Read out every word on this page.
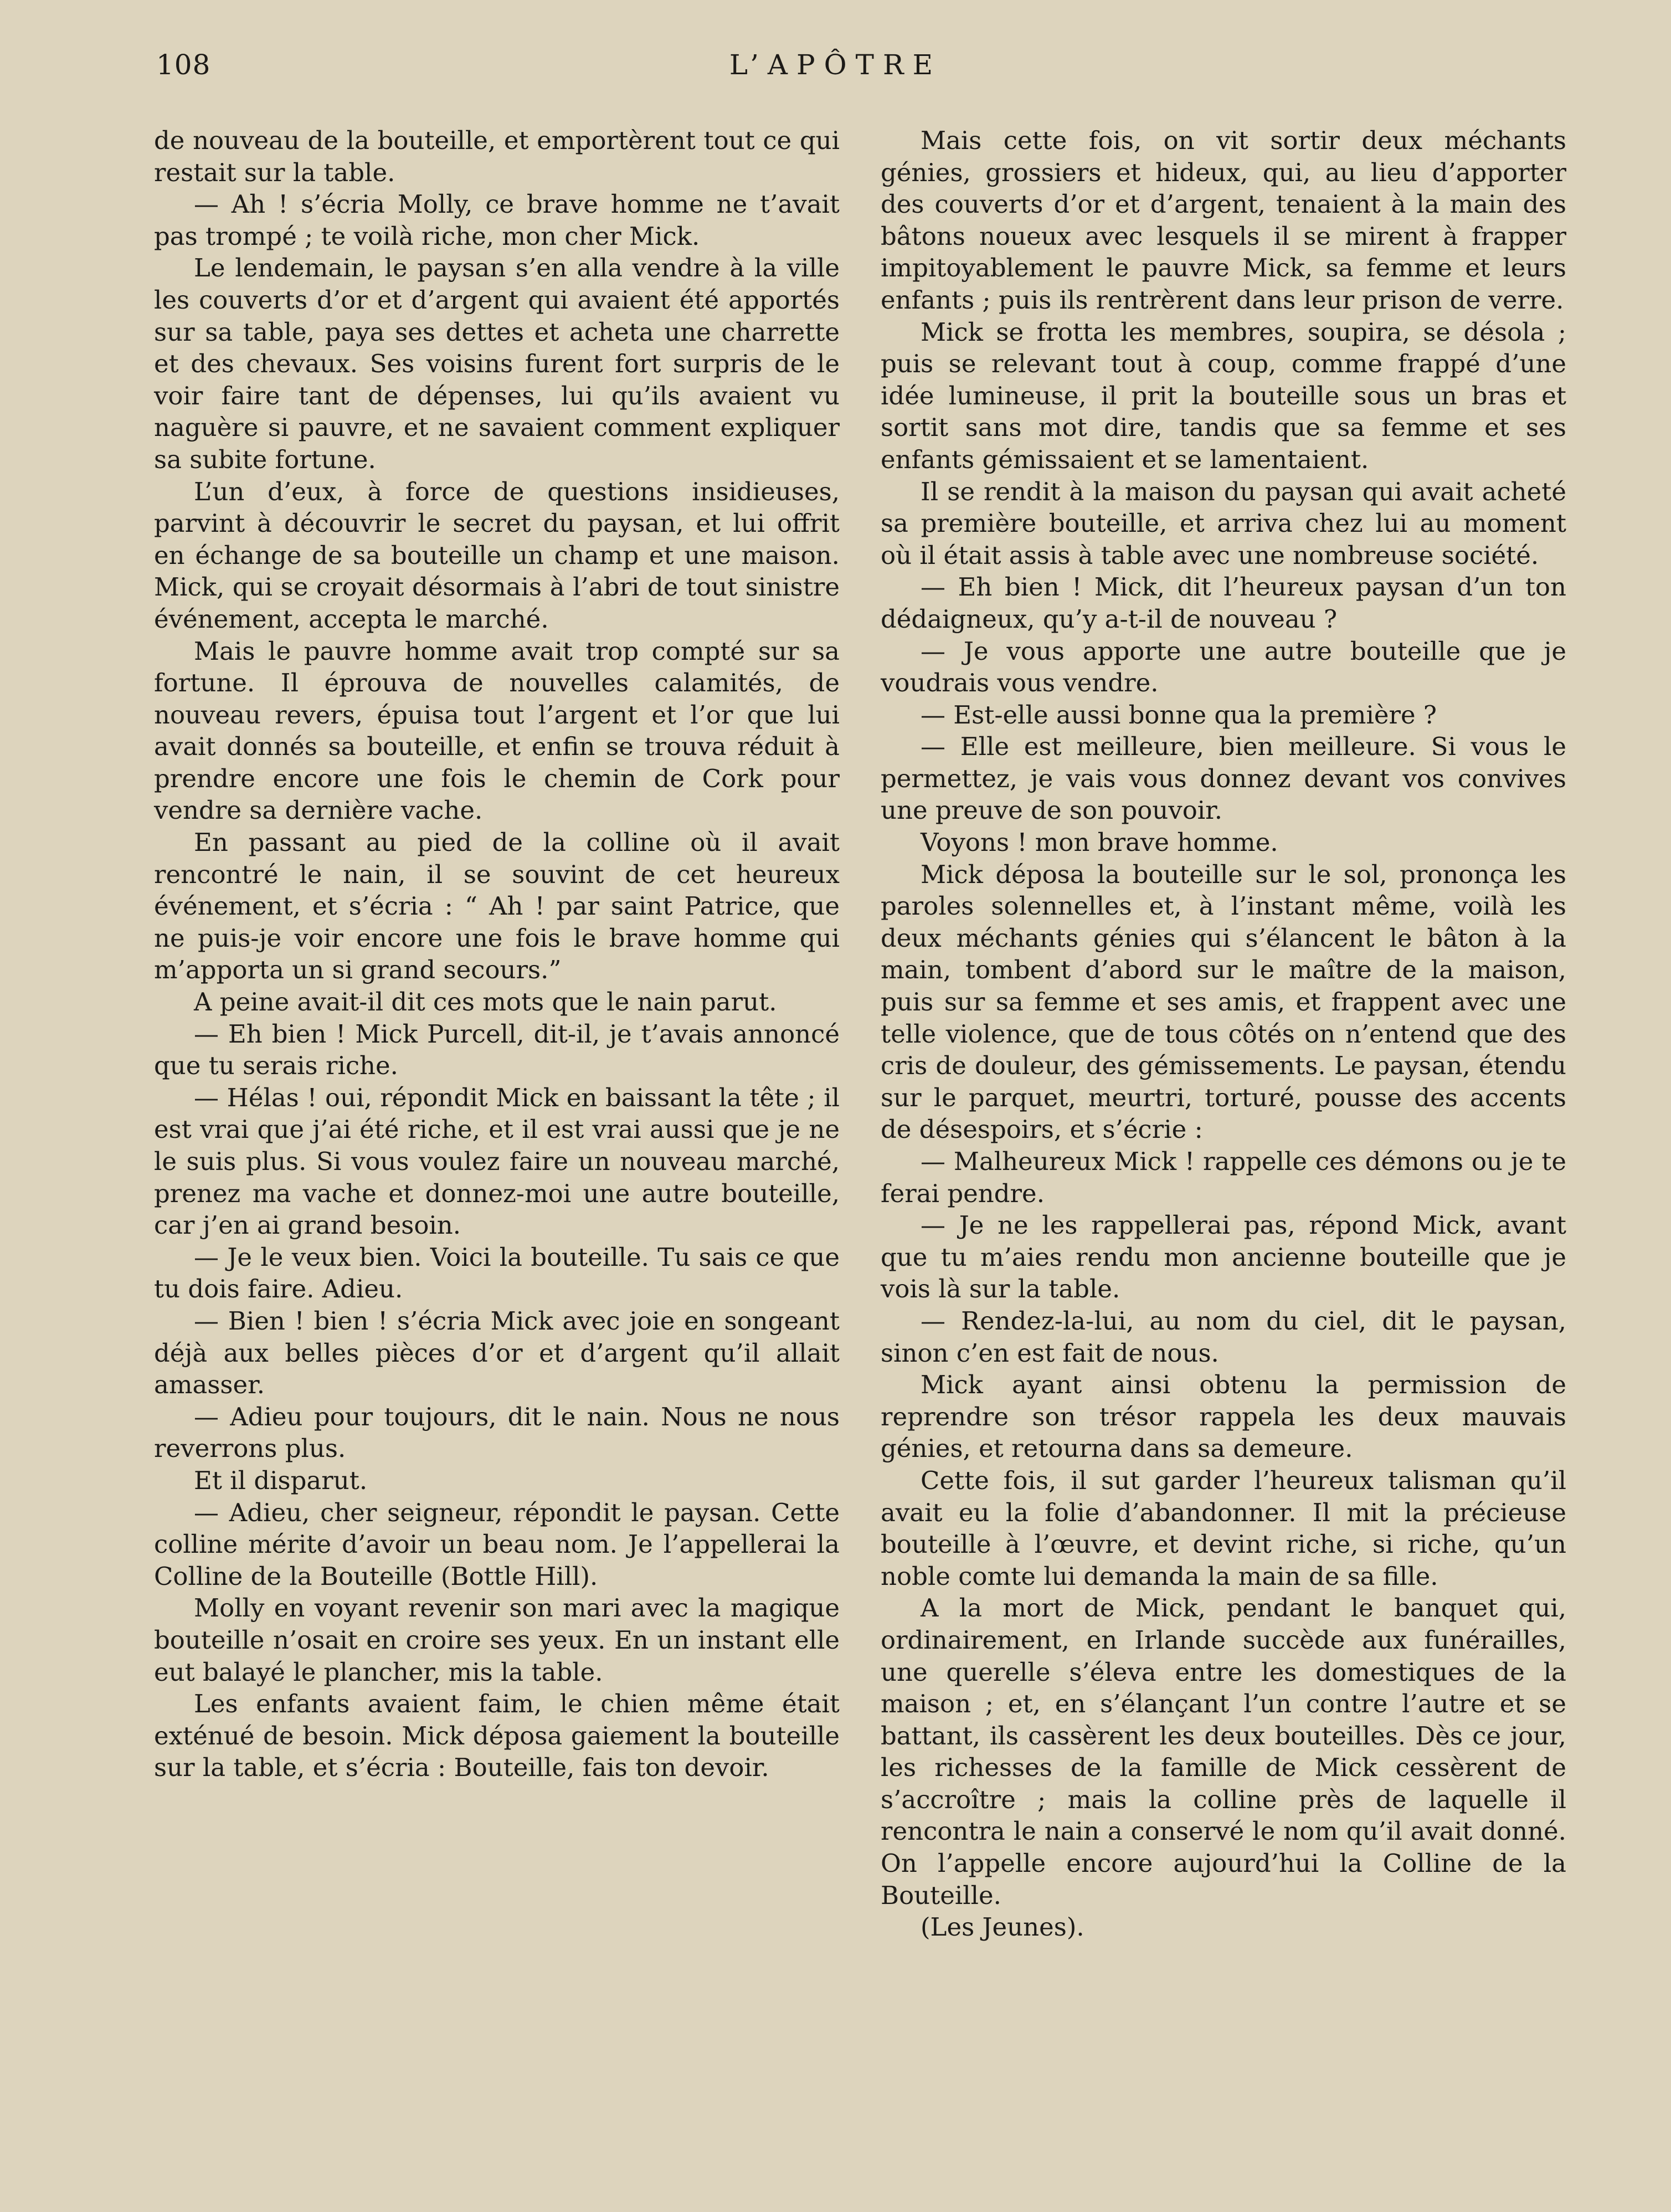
108	L’APÔTRE

de nouveau de la bouteille, et emportèrent tout ce qui restait sur la table.

— Ah ! s’écria Molly, ce brave homme ne t’avait pas trompé ; te voilà riche, mon cher Mick.

Le lendemain, le paysan s’en alla vendre à la ville les couverts d’or et d’argent qui avaient été apportés sur sa table, paya ses dettes et acheta une charrette et des chevaux. Ses voisins furent fort surpris de le voir faire tant de dépenses, lui qu’ils avaient vu naguère si pauvre, et ne savaient comment expliquer sa subite fortune.

L’un d’eux, à force de questions insidieuses, parvint à découvrir le secret du paysan, et lui offrit en échange de sa bouteille un champ et une maison. Mick, qui se croyait désormais à l’abri de tout sinistre événement, accepta le marché.

Mais le pauvre homme avait trop compté sur sa fortune. Il éprouva de nouvelles calamités, de nouveau revers, épuisa tout l’argent et l’or que lui avait donnés sa bouteille, et enfin se trouva réduit à prendre encore une fois le chemin de Cork pour vendre sa dernière vache.

En passant au pied de la colline où il avait rencontré le nain, il se souvint de cet heureux événement, et s’écria : “ Ah ! par saint Patrice, que ne puis-je voir encore une fois le brave homme qui m’apporta un si grand secours.”

A peine avait-il dit ces mots que le nain parut.

— Eh bien ! Mick Purcell, dit-il, je t’avais annoncé que tu serais riche.

— Hélas ! oui, répondit Mick en baissant la tête ; il est vrai que j’ai été riche, et il est vrai aussi que je ne le suis plus. Si vous voulez faire un nouveau marché, prenez ma vache et donnez-moi une autre bouteille, car j’en ai grand besoin.

— Je le veux bien. Voici la bouteille. Tu sais ce que tu dois faire. Adieu.

— Bien ! bien ! s’écria Mick avec joie en songeant déjà aux belles pièces d’or et d’argent qu’il allait amasser.

— Adieu pour toujours, dit le nain. Nous ne nous reverrons plus.

Et il disparut.

— Adieu, cher seigneur, répondit le paysan. Cette colline mérite d’avoir un beau nom. Je l’appellerai la Colline de la Bouteille (Bottle Hill).

Molly en voyant revenir son mari avec la magique bouteille n’osait en croire ses yeux. En un instant elle eut balayé le plancher, mis la table.

Les enfants avaient faim, le chien même était exténué de besoin. Mick déposa gaiement la bouteille sur la table, et s’écria : Bouteille, fais ton devoir.

Mais cette fois, on vit sortir deux méchants génies, grossiers et hideux, qui, au lieu d’apporter des couverts d’or et d’argent, tenaient à la main des bâtons noueux avec lesquels il se mirent à frapper impitoyablement le pauvre Mick, sa femme et leurs enfants ; puis ils rentrèrent dans leur prison de verre.

Mick se frotta les membres, soupira, se désola ; puis se relevant tout à coup, comme frappé d’une idée lumineuse, il prit la bouteille sous un bras et sortit sans mot dire, tandis que sa femme et ses enfants gémissaient et se lamentaient.

Il se rendit à la maison du paysan qui avait acheté sa première bouteille, et arriva chez lui au moment où il était assis à table avec une nombreuse société.

— Eh bien ! Mick, dit l’heureux paysan d’un ton dédaigneux, qu’y a-t-il de nouveau ?

— Je vous apporte une autre bouteille que je voudrais vous vendre.

— Est-elle aussi bonne qua la première ?

— Elle est meilleure, bien meilleure. Si vous le permettez, je vais vous donnez devant vos convives une preuve de son pouvoir.

Voyons ! mon brave homme.

Mick déposa la bouteille sur le sol, prononça les paroles solennelles et, à l’instant même, voilà les deux méchants génies qui s’élancent le bâton à la main, tombent d’abord sur le maître de la maison, puis sur sa femme et ses amis, et frappent avec une telle violence, que de tous côtés on n’entend que des cris de douleur, des gémissements. Le paysan, étendu sur le parquet, meurtri, torturé, pousse des accents de désespoirs, et s’écrie :

— Malheureux Mick ! rappelle ces démons ou je te ferai pendre.

— Je ne les rappellerai pas, répond Mick, avant que tu m’aies rendu mon ancienne bouteille que je vois là sur la table.

— Rendez-la-lui, au nom du ciel, dit le paysan, sinon c’en est fait de nous.

Mick ayant ainsi obtenu la permission de reprendre son trésor rappela les deux mauvais génies, et retourna dans sa demeure.

Cette fois, il sut garder l’heureux talisman qu’il avait eu la folie d’abandonner. Il mit la précieuse bouteille à l’œuvre, et devint riche, si riche, qu’un noble comte lui demanda la main de sa fille.

A la mort de Mick, pendant le banquet qui, ordinairement, en Irlande succède aux funérailles, une querelle s’éleva entre les domestiques de la maison ; et, en s’élançant l’un contre l’autre et se battant, ils cassèrent les deux bouteilles. Dès ce jour, les richesses de la famille de Mick cessèrent de s’accroître ; mais la colline près de laquelle il rencontra le nain a conservé le nom qu’il avait donné. On l’appelle encore aujourd’hui la Colline de la Bouteille.

(Les Jeunes).
